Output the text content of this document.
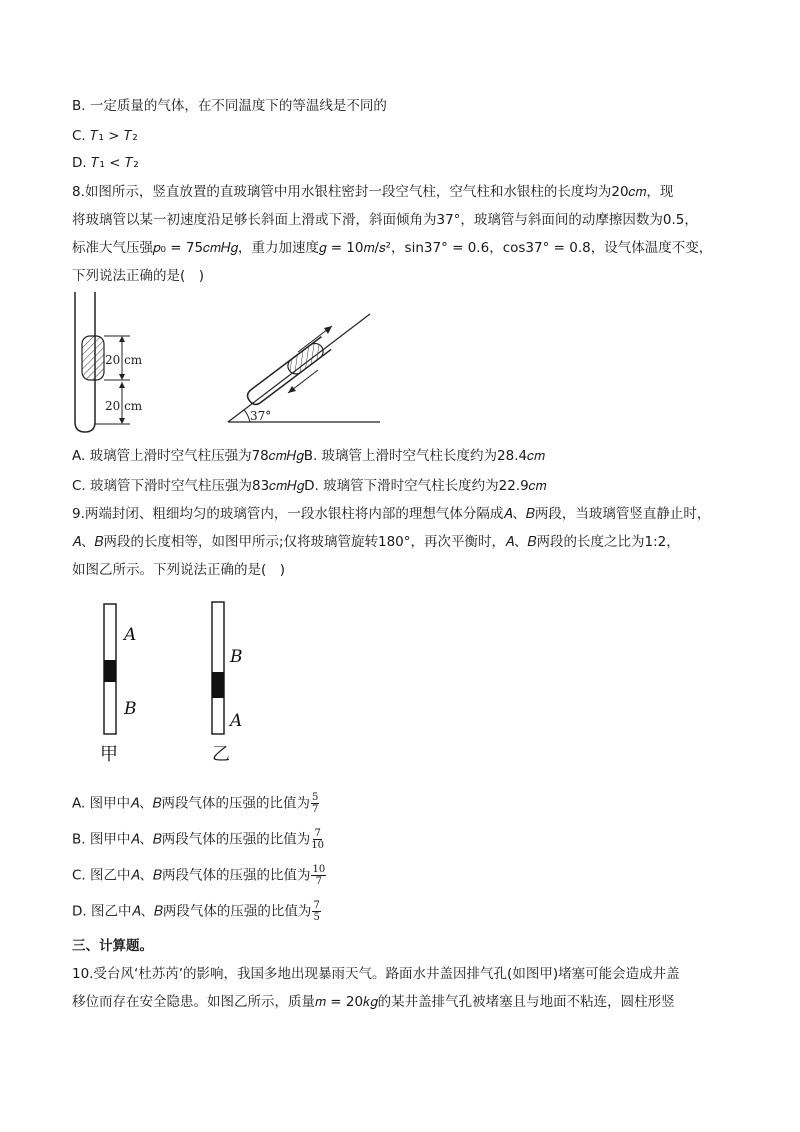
B. 一定质量的气体，在不同温度下的等温线是不同的
C. 𝑇₁ > 𝑇₂
D. 𝑇₁ < 𝑇₂
8.如图所示，竖直放置的直玻璃管中用水银柱密封一段空气柱，空气柱和水银柱的长度均为20𝑐𝑚，现
将玻璃管以某一初速度沿足够长斜面上滑或下滑，斜面倾角为37°，玻璃管与斜面间的动摩擦因数为0.5，
标准大气压强𝑝₀ = 75𝑐𝑚𝐻𝑔，重力加速度𝑔 = 10𝑚/𝑠²，sin37° = 0.6，cos37° = 0.8，设气体温度不变，
下列说法正确的是(　)
20 cm
20 cm
37°
A. 玻璃管上滑时空气柱压强为78𝑐𝑚𝐻𝑔B. 玻璃管上滑时空气柱长度约为28.4𝑐𝑚
C. 玻璃管下滑时空气柱压强为83𝑐𝑚𝐻𝑔D. 玻璃管下滑时空气柱长度约为22.9𝑐𝑚
9.两端封闭、粗细均匀的玻璃管内，一段水银柱将内部的理想气体分隔成𝐴、𝐵两段，当玻璃管竖直静止时，
𝐴、𝐵两段的长度相等，如图甲所示;仅将玻璃管旋转180°，再次平衡时，𝐴、𝐵两段的长度之比为1:2，
如图乙所示。下列说法正确的是(　)
A
B
甲
B
A
乙
A. 图甲中𝐴、𝐵两段气体的压强的比值为 $\frac{5}{7}$
B. 图甲中𝐴、𝐵两段气体的压强的比值为 $\frac{7}{10}$
C. 图乙中𝐴、𝐵两段气体的压强的比值为 $\frac{10}{7}$
D. 图乙中𝐴、𝐵两段气体的压强的比值为 $\frac{7}{5}$
三、计算题。
10.受台风‘杜苏芮’的影响，我国多地出现暴雨天气。路面水井盖因排气孔(如图甲)堵塞可能会造成井盖
移位而存在安全隐患。如图乙所示，质量𝑚 = 20𝑘𝑔的某井盖排气孔被堵塞且与地面不粘连，圆柱形竖
